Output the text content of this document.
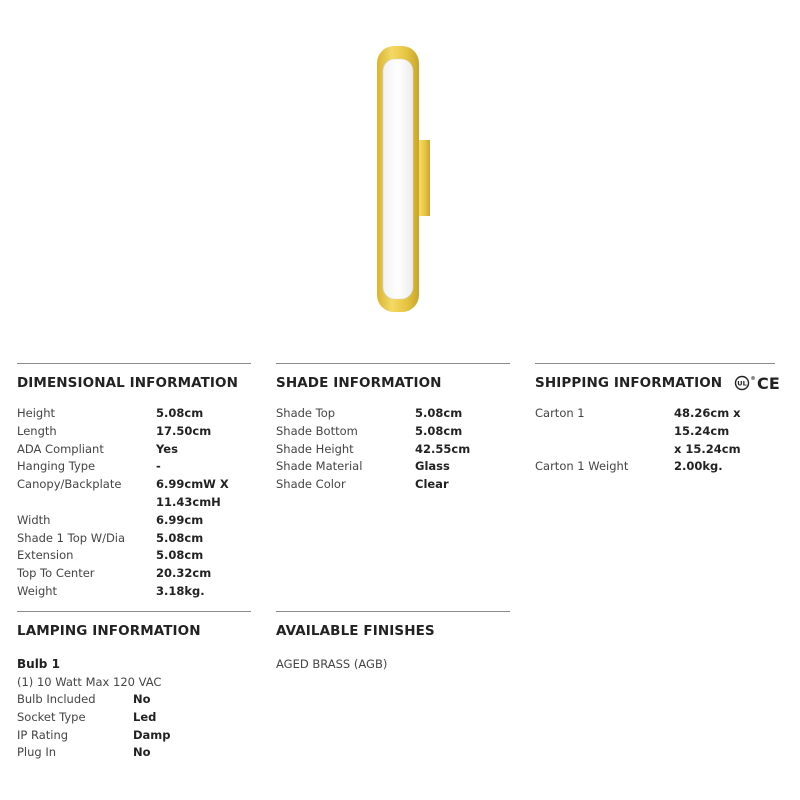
DIMENSIONAL INFORMATION
Height	5.08cm
Length	17.50cm
ADA Compliant	Yes
Hanging Type	-
Canopy/Backplate	6.99cmW X
11.43cmH
Width	6.99cm
Shade 1 Top W/Dia	5.08cm
Extension	5.08cm
Top To Center	20.32cm
Weight	3.18kg.
SHADE INFORMATION
Shade Top	5.08cm
Shade Bottom	5.08cm
Shade Height	42.55cm
Shade Material	Glass
Shade Color	Clear
SHIPPING INFORMATION UL
® CE
Carton 1	48.26cm x 15.24cm
x 15.24cm
Carton 1 Weight	2.00kg.
LAMPING INFORMATION
Bulb 1
(1) 10 Watt Max 120 VAC
Bulb Included	No
Socket Type	Led
IP Rating	Damp
Plug In	No
AVAILABLE FINISHES
AGED BRASS (AGB)
